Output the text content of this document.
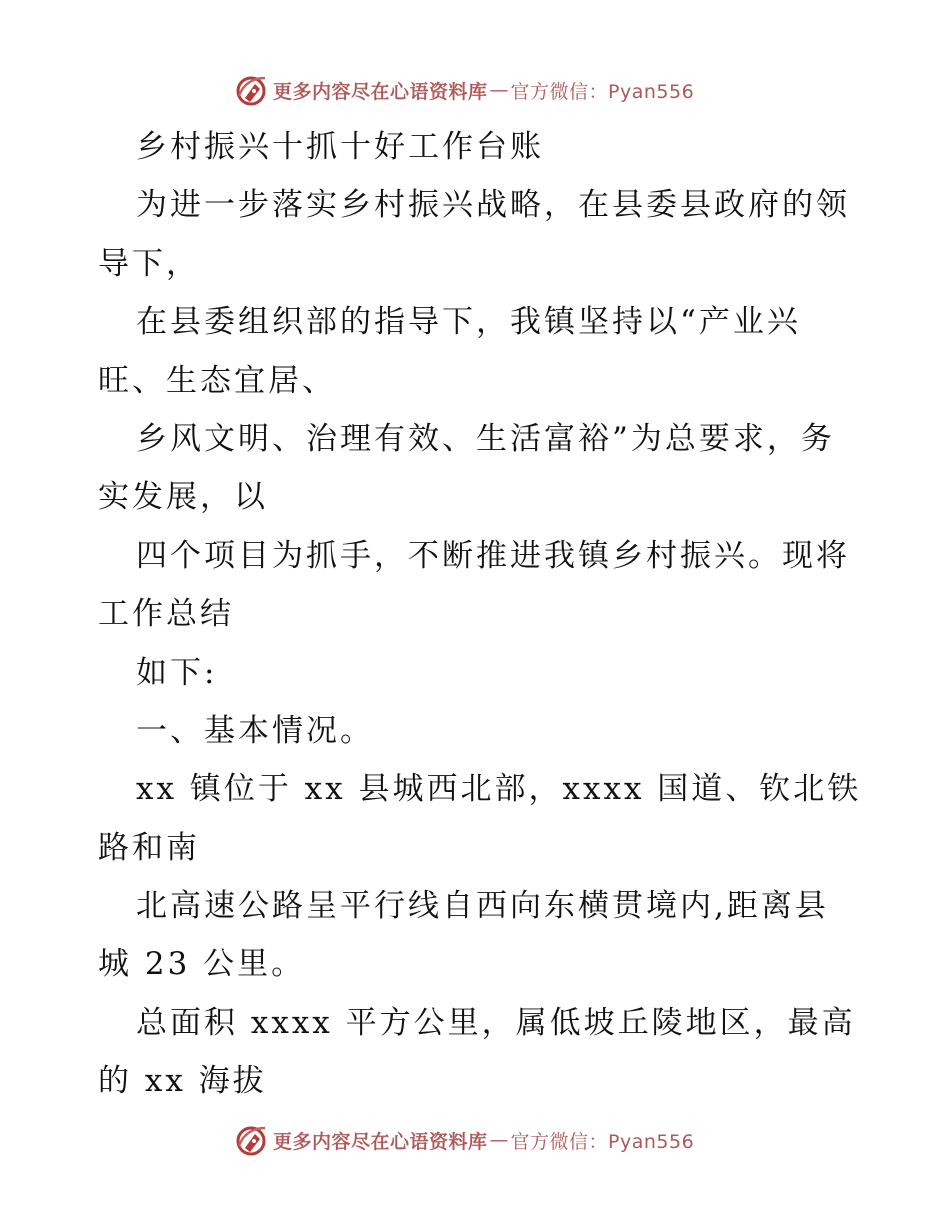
更多内容尽在心语资料库 — 官方微信：Pyan556
乡村振兴十抓十好工作台账
为进一步落实乡村振兴战略，在县委县政府的领
导下，
在县委组织部的指导下，我镇坚持以“产业兴
旺、生态宜居、
乡风文明、治理有效、生活富裕”为总要求，务
实发展，以
四个项目为抓手，不断推进我镇乡村振兴。现将
工作总结
如下:
一、基本情况。
xx 镇位于 xx 县城西北部，xxxx 国道、钦北铁
路和南
北高速公路呈平行线自西向东横贯境内,距离县
城 23 公里。
总面积 xxxx 平方公里，属低坡丘陵地区，最高
的 xx 海拔
更多内容尽在心语资料库 — 官方微信：Pyan556
